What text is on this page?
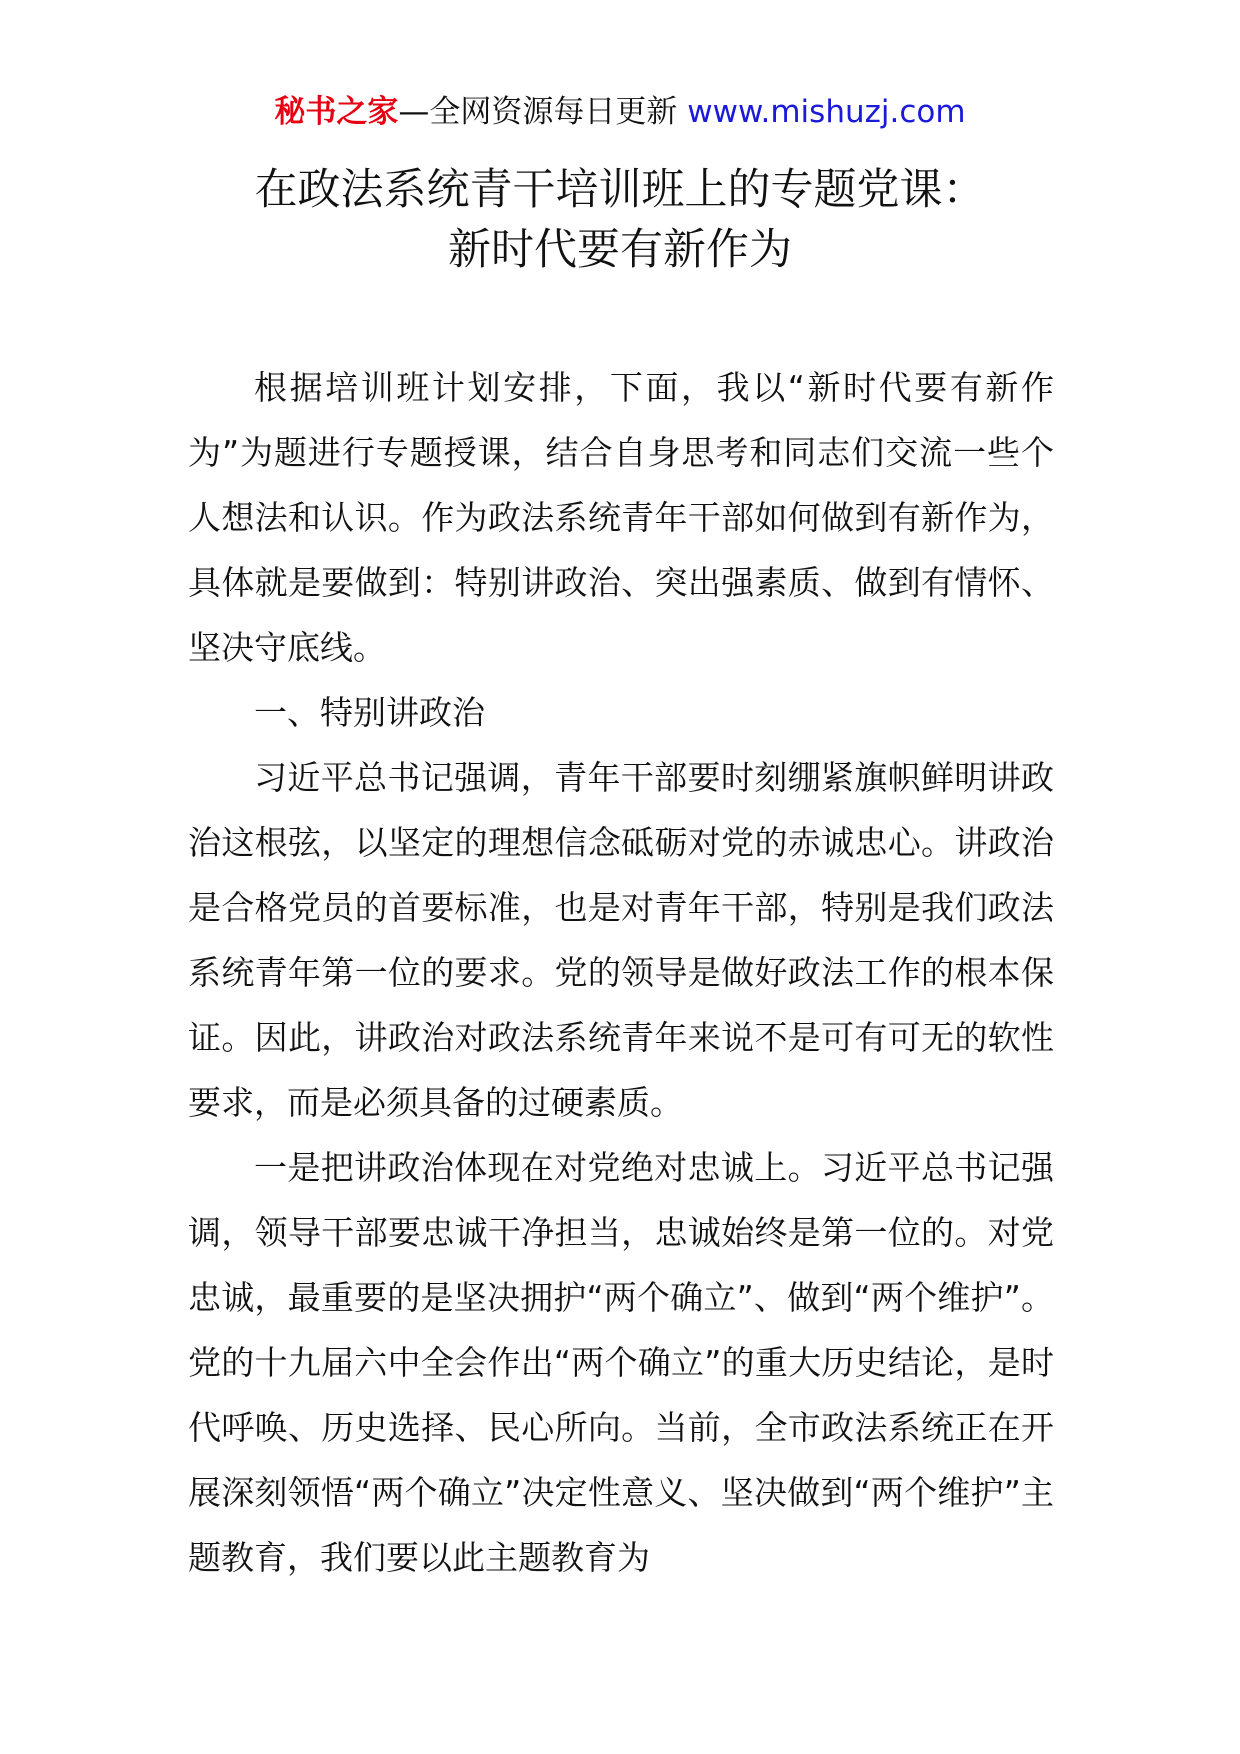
秘书之家—全网资源每日更新 www.mishuzj.com
在政法系统青干培训班上的专题党课：
新时代要有新作为

根据培训班计划安排，下面，我以“新时代要有新作为”为题进行专题授课，结合自身思考和同志们交流一些个人想法和认识。作为政法系统青年干部如何做到有新作为，具体就是要做到：特别讲政治、突出强素质、做到有情怀、坚决守底线。

一、特别讲政治

习近平总书记强调，青年干部要时刻绷紧旗帜鲜明讲政治这根弦，以坚定的理想信念砥砺对党的赤诚忠心。讲政治是合格党员的首要标准，也是对青年干部，特别是我们政法系统青年第一位的要求。党的领导是做好政法工作的根本保证。因此，讲政治对政法系统青年来说不是可有可无的软性要求，而是必须具备的过硬素质。

一是把讲政治体现在对党绝对忠诚上。习近平总书记强调，领导干部要忠诚干净担当，忠诚始终是第一位的。对党忠诚，最重要的是坚决拥护“两个确立”、做到“两个维护”。党的十九届六中全会作出“两个确立”的重大历史结论，是时代呼唤、历史选择、民心所向。当前，全市政法系统正在开展深刻领悟“两个确立”决定性意义、坚决做到“两个维护”主题教育，我们要以此主题教育为
